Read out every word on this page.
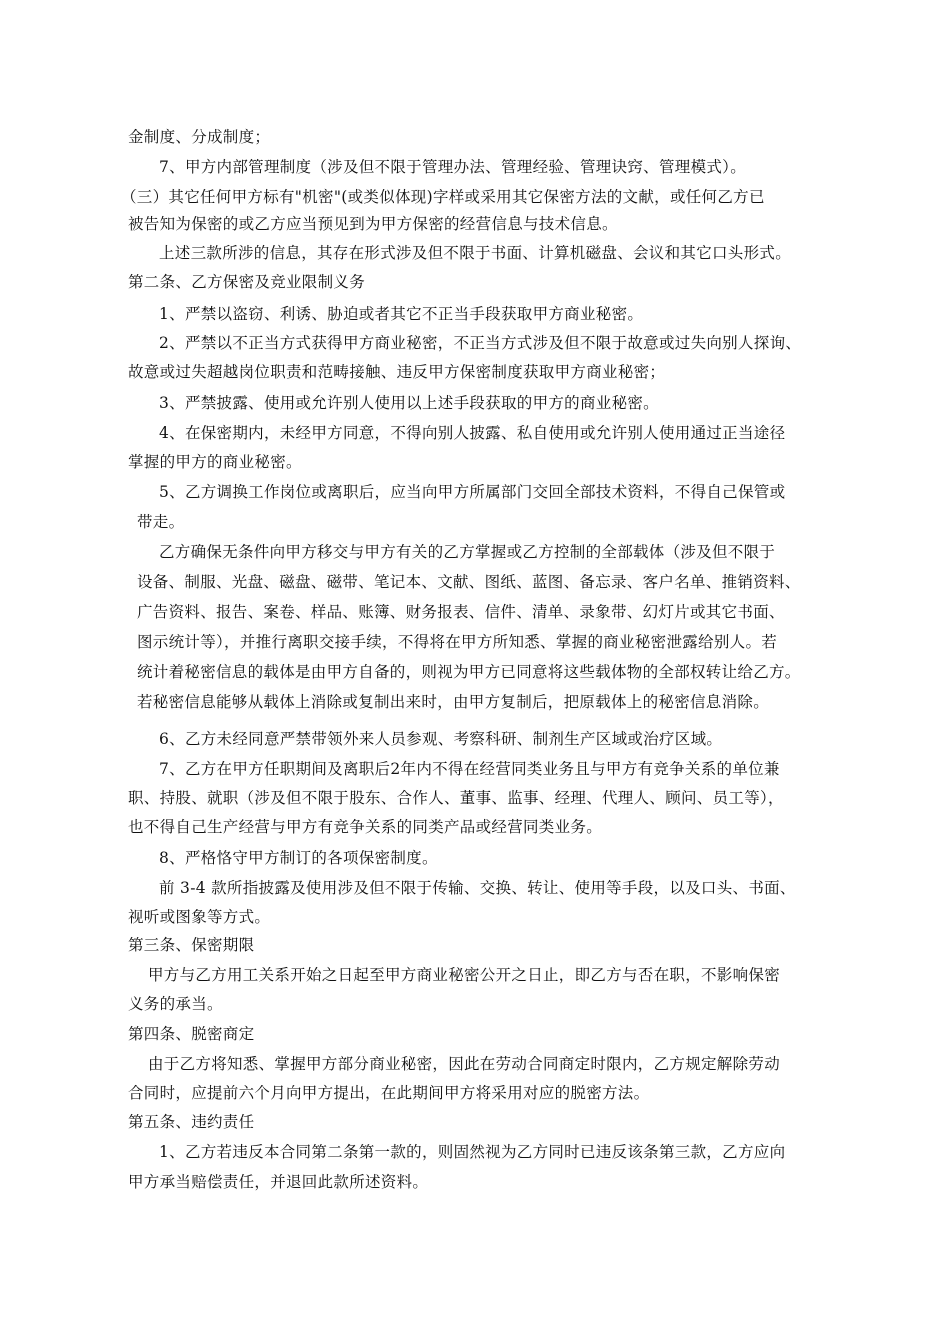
金制度、分成制度；
7、甲方内部管理制度（涉及但不限于管理办法、管理经验、管理诀窍、管理模式）。
（三）其它任何甲方标有"机密"(或类似体现)字样或采用其它保密方法的文献，或任何乙方已
被告知为保密的或乙方应当预见到为甲方保密的经营信息与技术信息。
上述三款所涉的信息，其存在形式涉及但不限于书面、计算机磁盘、会议和其它口头形式。
第二条、乙方保密及竞业限制义务
1、严禁以盗窃、利诱、胁迫或者其它不正当手段获取甲方商业秘密。
2、严禁以不正当方式获得甲方商业秘密，不正当方式涉及但不限于故意或过失向别人探询、
故意或过失超越岗位职责和范畴接触、违反甲方保密制度获取甲方商业秘密；
3、严禁披露、使用或允许别人使用以上述手段获取的甲方的商业秘密。
4、在保密期内，未经甲方同意，不得向别人披露、私自使用或允许别人使用通过正当途径
掌握的甲方的商业秘密。
5、乙方调换工作岗位或离职后，应当向甲方所属部门交回全部技术资料，不得自己保管或
带走。
乙方确保无条件向甲方移交与甲方有关的乙方掌握或乙方控制的全部载体（涉及但不限于
设备、制服、光盘、磁盘、磁带、笔记本、文献、图纸、蓝图、备忘录、客户名单、推销资料、
广告资料、报告、案卷、样品、账簿、财务报表、信件、清单、录象带、幻灯片或其它书面、
图示统计等），并推行离职交接手续，不得将在甲方所知悉、掌握的商业秘密泄露给别人。若
统计着秘密信息的载体是由甲方自备的，则视为甲方已同意将这些载体物的全部权转让给乙方。
若秘密信息能够从载体上消除或复制出来时，由甲方复制后，把原载体上的秘密信息消除。
6、乙方未经同意严禁带领外来人员参观、考察科研、制剂生产区域或治疗区域。
7、乙方在甲方任职期间及离职后2年内不得在经营同类业务且与甲方有竞争关系的单位兼
职、持股、就职（涉及但不限于股东、合作人、董事、监事、经理、代理人、顾问、员工等），
也不得自己生产经营与甲方有竞争关系的同类产品或经营同类业务。
8、严格恪守甲方制订的各项保密制度。
前 3-4 款所指披露及使用涉及但不限于传输、交换、转让、使用等手段，以及口头、书面、
视听或图象等方式。
第三条、保密期限
甲方与乙方用工关系开始之日起至甲方商业秘密公开之日止，即乙方与否在职，不影响保密
义务的承当。
第四条、脱密商定
由于乙方将知悉、掌握甲方部分商业秘密，因此在劳动合同商定时限内，乙方规定解除劳动
合同时，应提前六个月向甲方提出，在此期间甲方将采用对应的脱密方法。
第五条、违约责任
1、乙方若违反本合同第二条第一款的，则固然视为乙方同时已违反该条第三款，乙方应向
甲方承当赔偿责任，并退回此款所述资料。
